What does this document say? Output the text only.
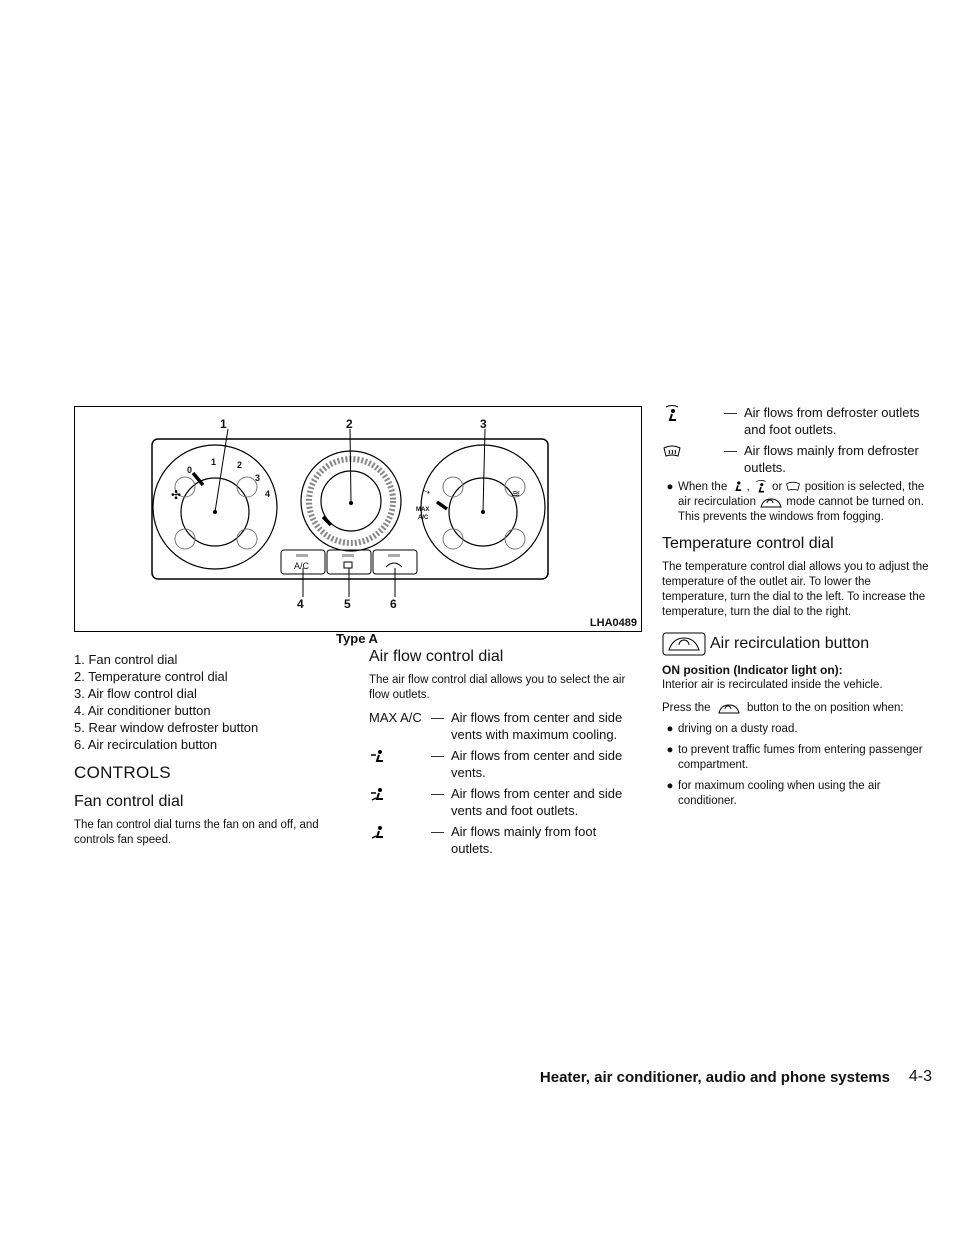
✣	⤳	≋
1	2	3
4	5	6
0
1 2
3
4
MAX
A/C
A/C
LHA0489
Type A
1. Fan control dial
2. Temperature control dial
3. Air flow control dial
4. Air conditioner button
5. Rear window defroster button
6. Air recirculation button
CONTROLS
Fan control dial
The fan control dial turns the fan on and off, and controls fan speed.
Air flow control dial
The air flow control dial allows you to select the air flow outlets.
MAX A/C — Air flows from center and side vents with maximum cooling.
— Air flows from center and side vents.
— Air flows from center and side vents and foot outlets.
— Air flows mainly from foot outlets.
— Air flows from defroster outlets and foot outlets.
— Air flows mainly from defroster outlets.
● When the , or position is selected, the air recirculation	mode cannot be turned on. This prevents the windows from fogging.
Temperature control dial
The temperature control dial allows you to adjust the temperature of the outlet air. To lower the temperature, turn the dial to the left. To increase the temperature, turn the dial to the right.
Air recirculation button
ON position (Indicator light on):
Interior air is recirculated inside the vehicle.
Press the	button to the on position when:
● driving on a dusty road.
● to prevent traffic fumes from entering passenger compartment.
● for maximum cooling when using the air conditioner.
Heater, air conditioner, audio and phone systems 4-3
